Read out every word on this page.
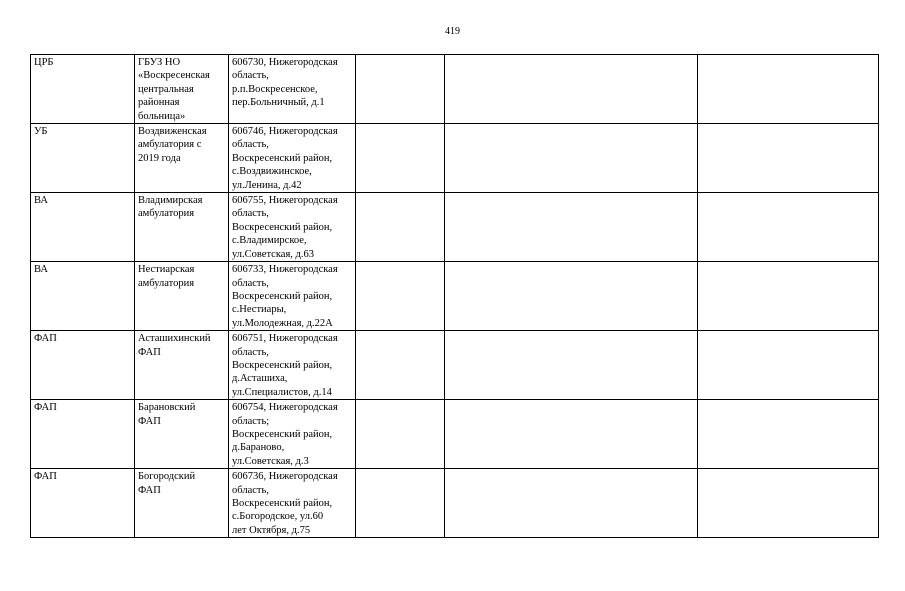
419
ЦРБ	ГБУЗ НО
«Воскресенская
центральная
районная
больница»	606730, Нижегородская
область,
р.п.Воскресенское,
пер.Больничный, д.1			

УБ	Воздвиженская
амбулатория с
2019 года	606746, Нижегородская
область,
Воскресенский район,
с.Воздвижинское,
ул.Ленина, д.42			

ВА	Владимирская
амбулатория	606755, Нижегородская
область,
Воскресенский район,
с.Владимирское,
ул.Советская, д.63			

ВА	Нестиарская
амбулатория	606733, Нижегородская
область,
Воскресенский район,
с.Нестиары,
ул.Молодежная, д.22А			

ФАП	Асташихинский
ФАП	606751, Нижегородская
область,
Воскресенский район,
д.Асташиха,
ул.Специалистов, д.14			

ФАП	Барановский
ФАП	606754, Нижегородская
область;
Воскресенский район,
д.Бараново,
ул.Советская, д.3			

ФАП	Богородский
ФАП	606736, Нижегородская
область,
Воскресенский район,
с.Богородское, ул.60
лет Октября, д.75			
